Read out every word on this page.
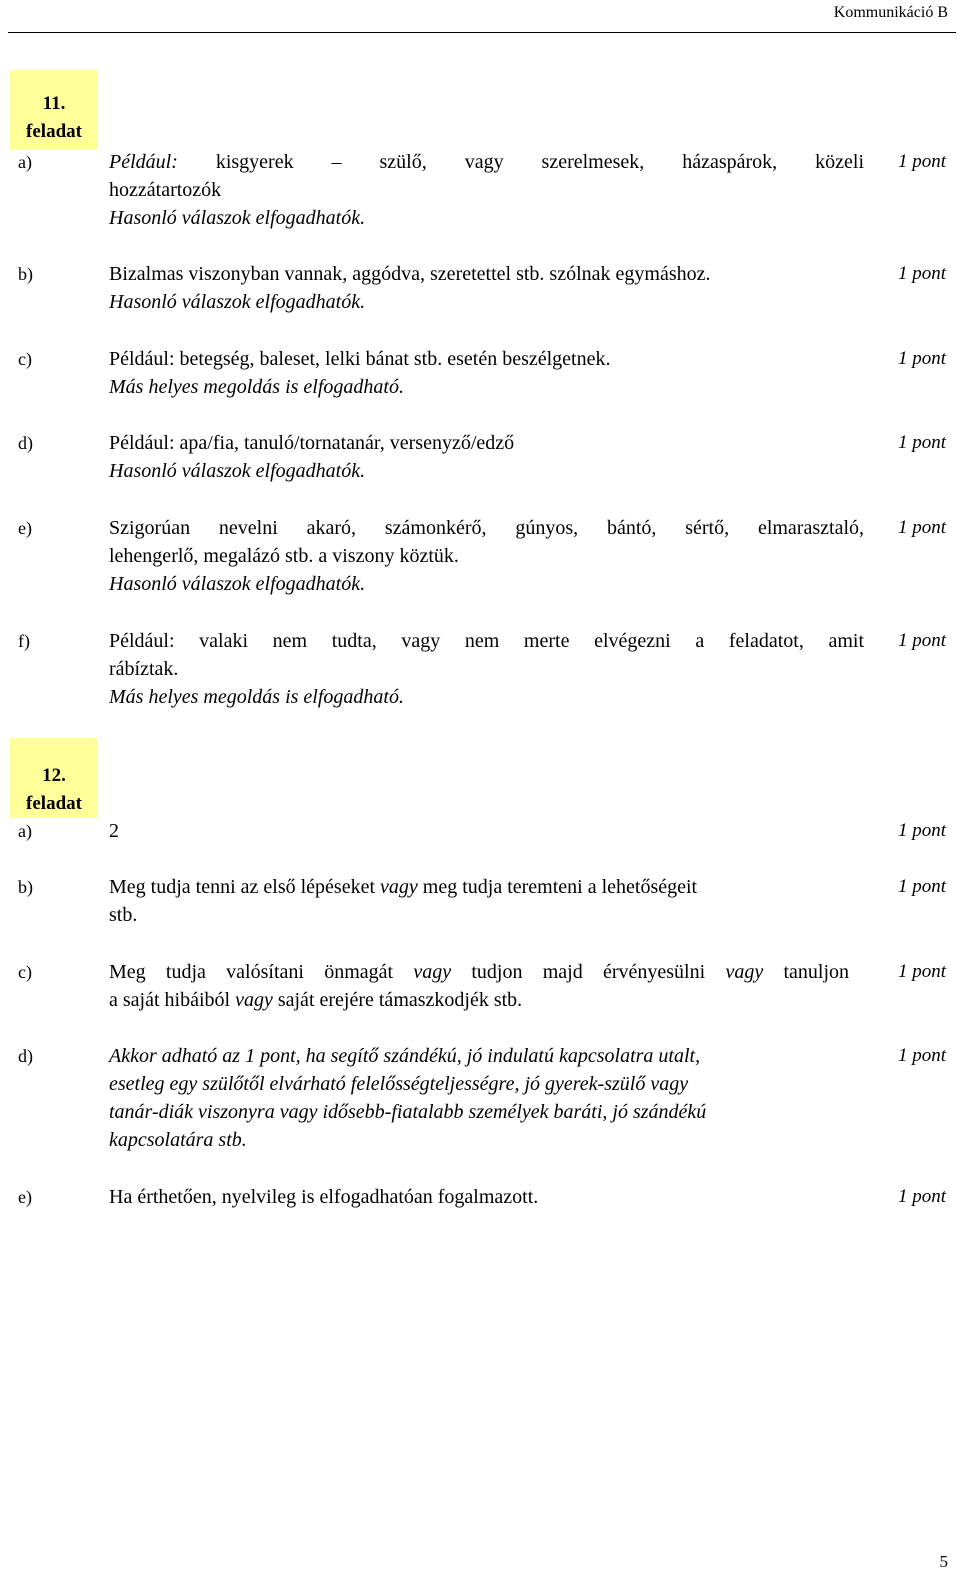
Kommunikáció B
11.
feladat
a)	Például: kisgyerek – szülő, vagy szerelmesek, házaspárok, közeli
hozzátartozók
Hasonló válaszok elfogadhatók.
1 pont
b)	Bizalmas viszonyban vannak, aggódva, szeretettel stb. szólnak egymáshoz.
Hasonló válaszok elfogadhatók.
1 pont
c)	Például: betegség, baleset, lelki bánat stb. esetén beszélgetnek.
Más helyes megoldás is elfogadható.
1 pont
d)	Például: apa/fia, tanuló/tornatanár, versenyző/edző
Hasonló válaszok elfogadhatók.
1 pont
e)	Szigorúan nevelni akaró, számonkérő, gúnyos, bántó, sértő, elmarasztaló,
lehengerlő, megalázó stb. a viszony köztük.
Hasonló válaszok elfogadhatók.
1 pont
f)	Például: valaki nem tudta, vagy nem merte elvégezni a feladatot, amit
rábíztak.
Más helyes megoldás is elfogadható.
1 pont
12.
feladat
a)	2	1 pont
b)	Meg tudja tenni az első lépéseket vagy meg tudja teremteni a lehetőségeit
stb.
1 pont
c)	Meg tudja valósítani önmagát vagy tudjon majd érvényesülni vagy tanuljon
a saját hibáiból vagy saját erejére támaszkodjék stb.
1 pont
d)	Akkor adható az 1 pont, ha segítő szándékú, jó indulatú kapcsolatra utalt,
esetleg egy szülőtől elvárható felelősségteljességre, jó gyerek-szülő vagy
tanár-diák viszonyra vagy idősebb-fiatalabb személyek baráti, jó szándékú
kapcsolatára stb.
1 pont
e)	Ha érthetően, nyelvileg is elfogadhatóan fogalmazott.	1 pont
5
